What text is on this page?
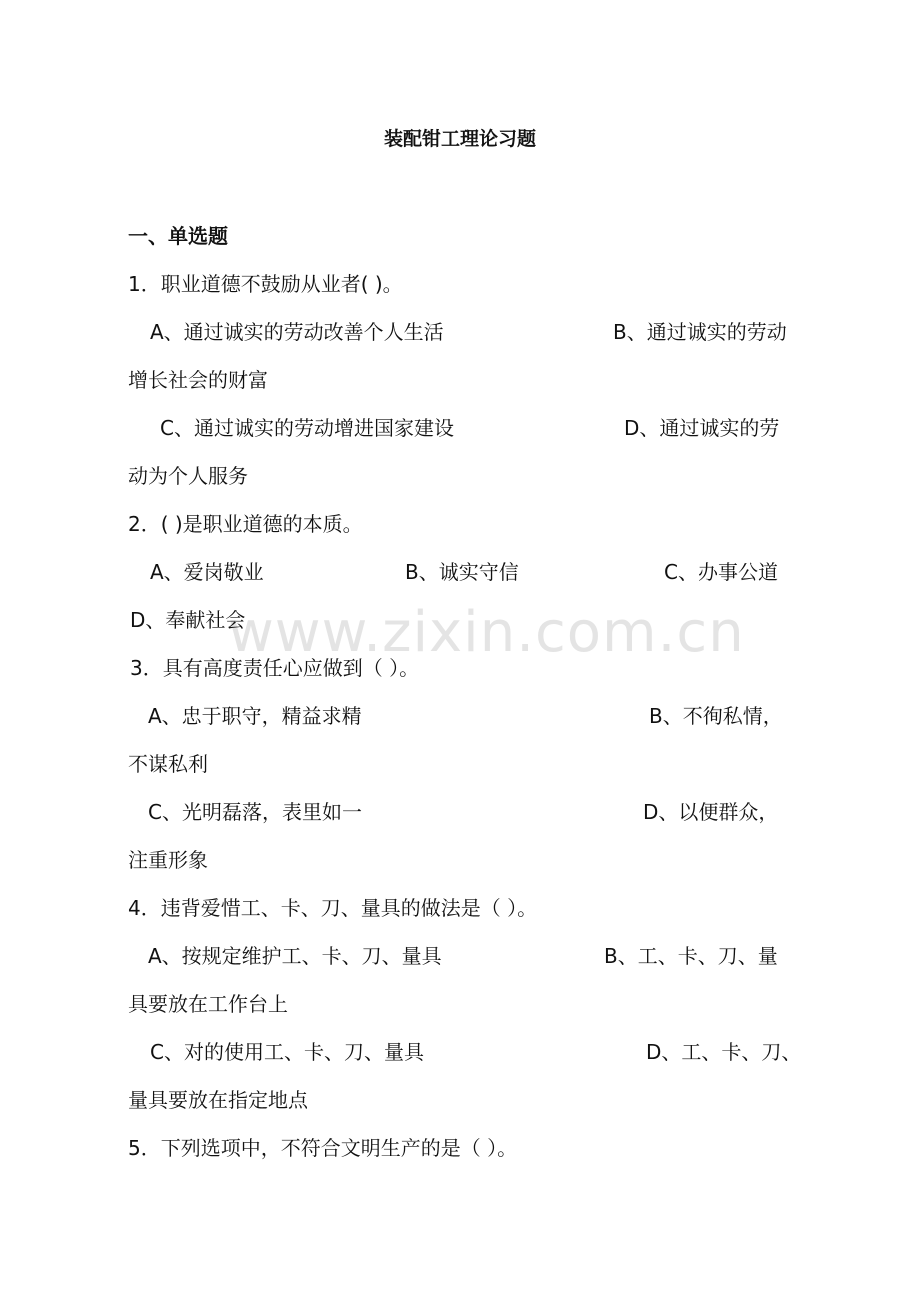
www.zixin.com.cn
装配钳工理论习题
一、单选题
1．职业道德不鼓励从业者( )。
A、通过诚实的劳动改善个人生活	B、通过诚实的劳动
增长社会的财富
C、通过诚实的劳动增进国家建设	D、通过诚实的劳
动为个人服务
2．( )是职业道德的本质。
A、爱岗敬业	B、诚实守信	C、办事公道
D、奉献社会
3．具有高度责任心应做到（ ）。
A、忠于职守，精益求精	B、不徇私情，
不谋私利
C、光明磊落，表里如一	D、以便群众，
注重形象
4．违背爱惜工、卡、刀、量具的做法是（ ）。
A、按规定维护工、卡、刀、量具	B、工、卡、刀、量
具要放在工作台上
C、对的使用工、卡、刀、量具	D、工、卡、刀、
量具要放在指定地点
5．下列选项中，不符合文明生产的是（ ）。
